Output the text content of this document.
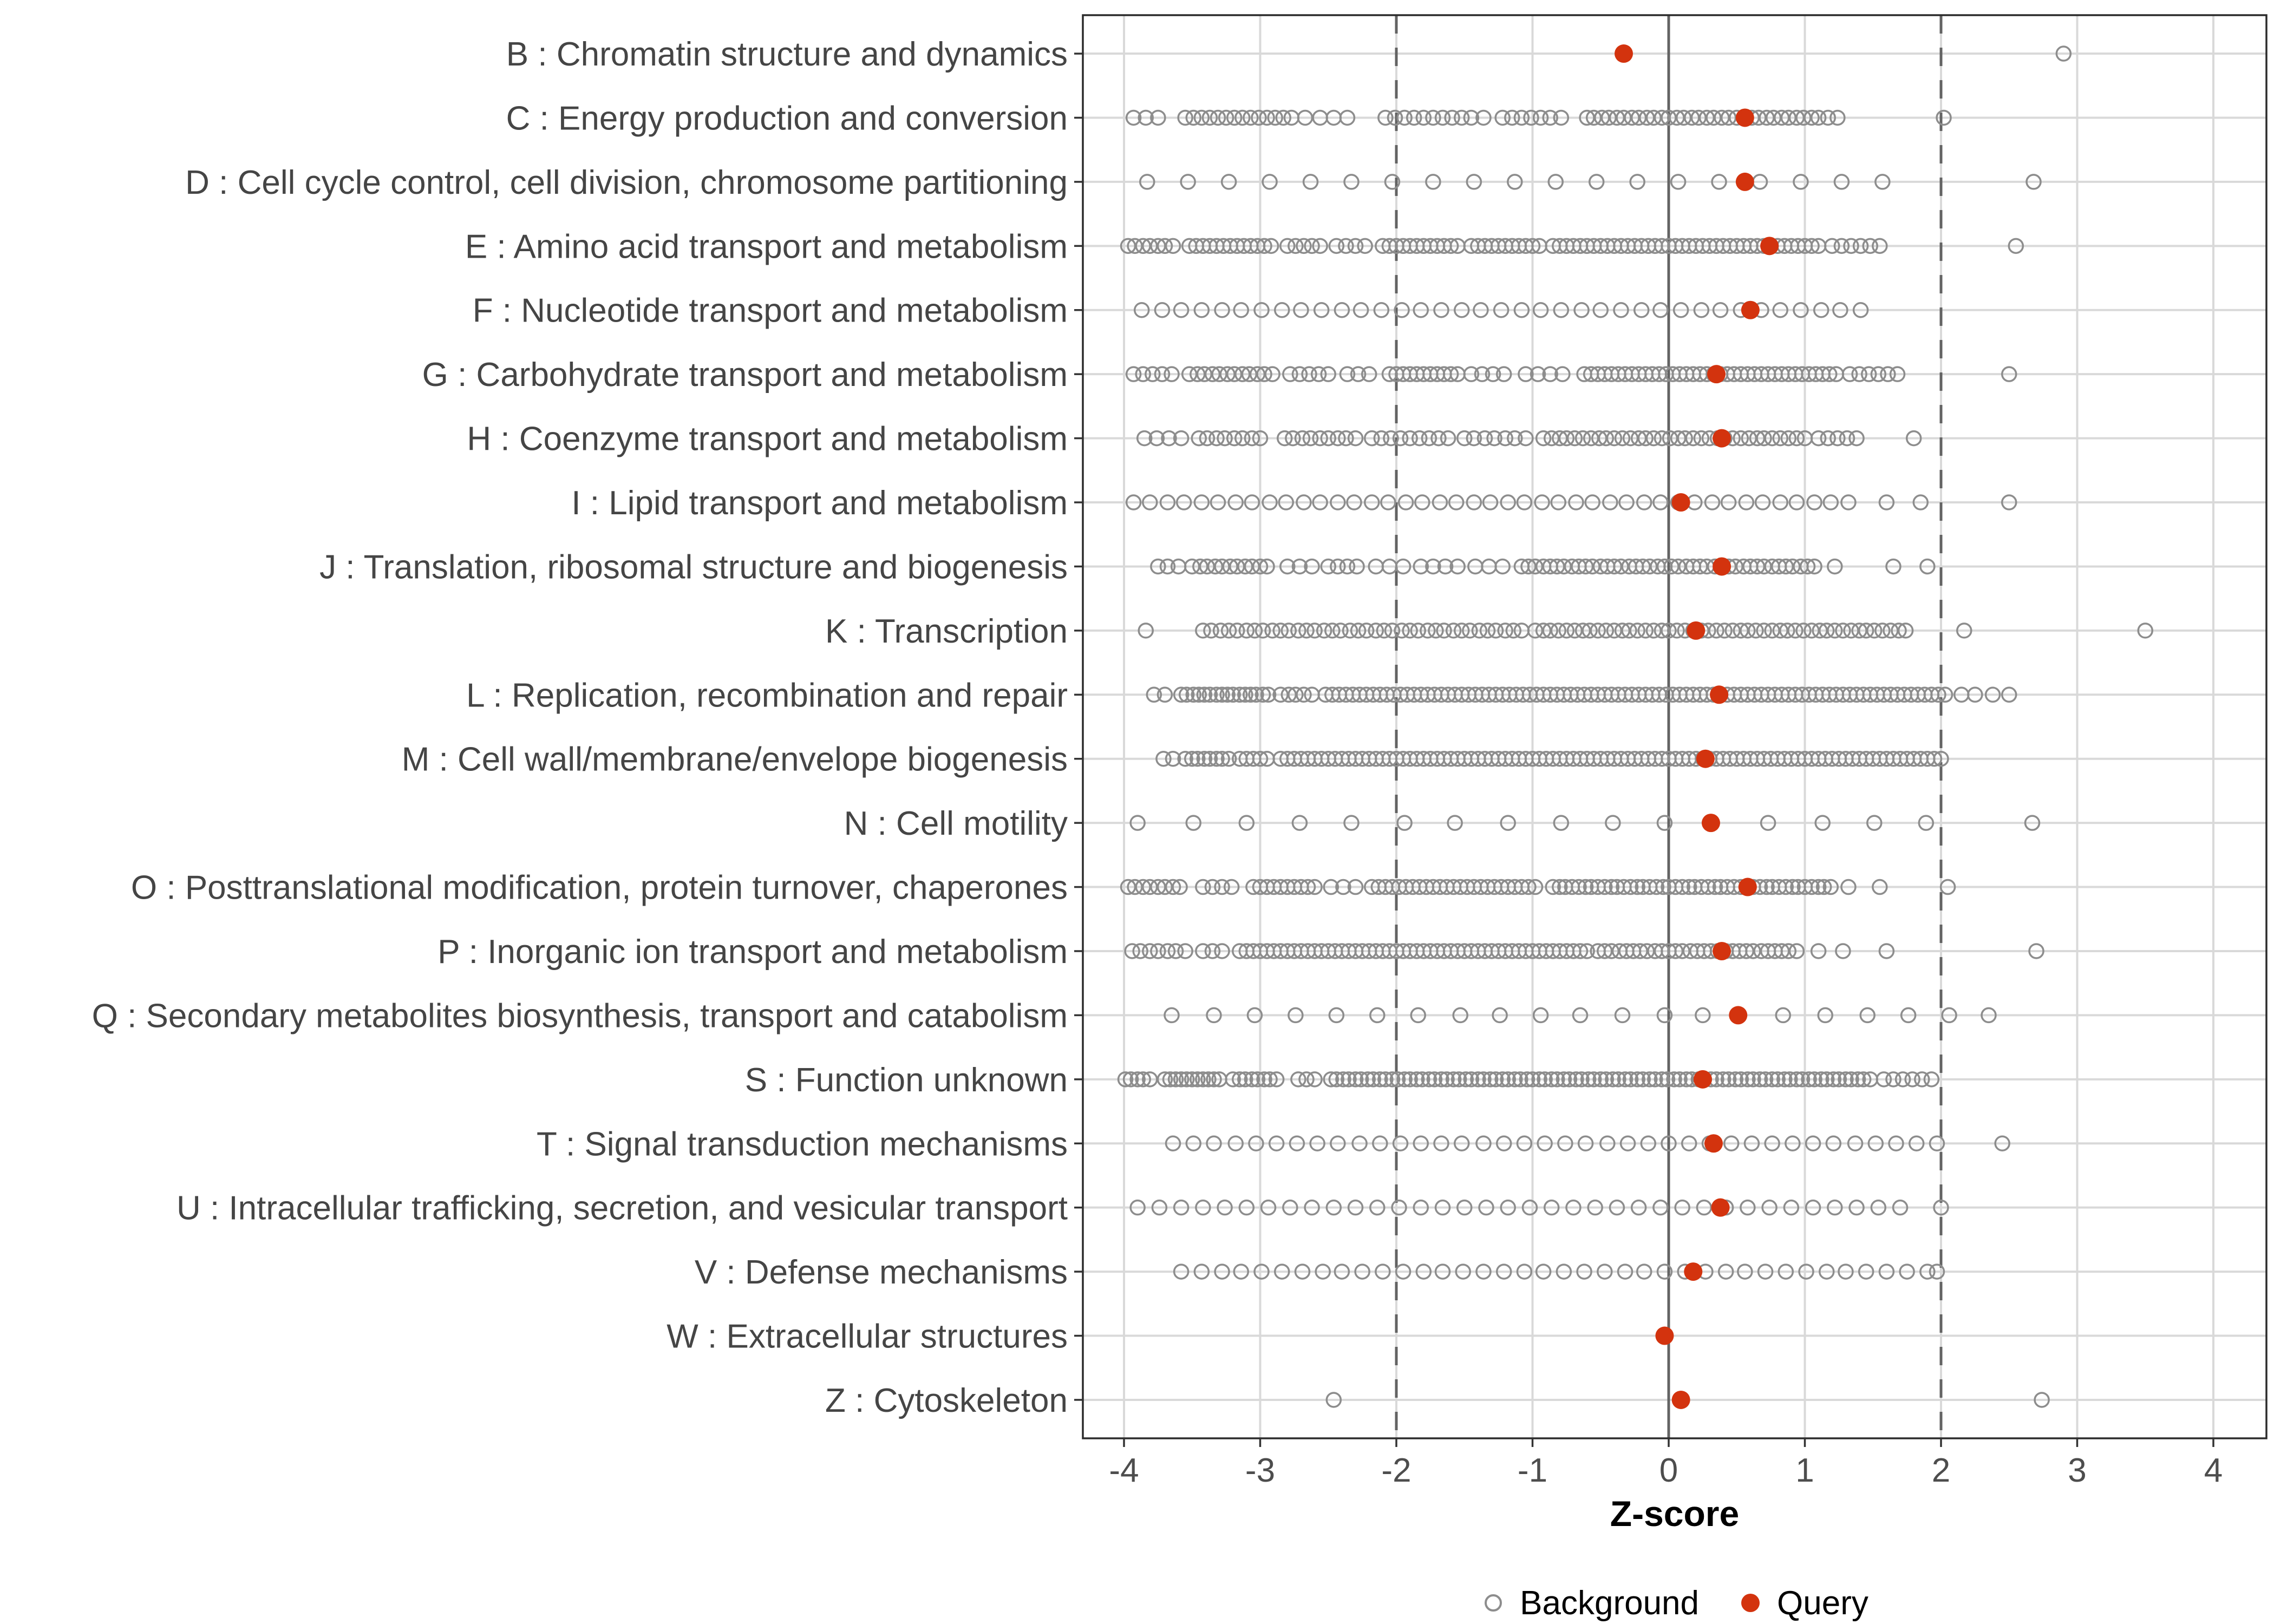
-4	-3	-2	-1	0	1	2	3	4
B : Chromatin structure and dynamics
C : Energy production and conversion
D : Cell cycle control, cell division, chromosome partitioning
E : Amino acid transport and metabolism
F : Nucleotide transport and metabolism
G : Carbohydrate transport and metabolism
H : Coenzyme transport and metabolism
I : Lipid transport and metabolism
J : Translation, ribosomal structure and biogenesis
K : Transcription
L : Replication, recombination and repair
M : Cell wall/membrane/envelope biogenesis
N : Cell motility
O : Posttranslational modification, protein turnover, chaperones
P : Inorganic ion transport and metabolism
Q : Secondary metabolites biosynthesis, transport and catabolism
S : Function unknown
T : Signal transduction mechanisms
U : Intracellular trafficking, secretion, and vesicular transport
V : Defense mechanisms
W : Extracellular structures
Z : Cytoskeleton
Z-score
Background Query
